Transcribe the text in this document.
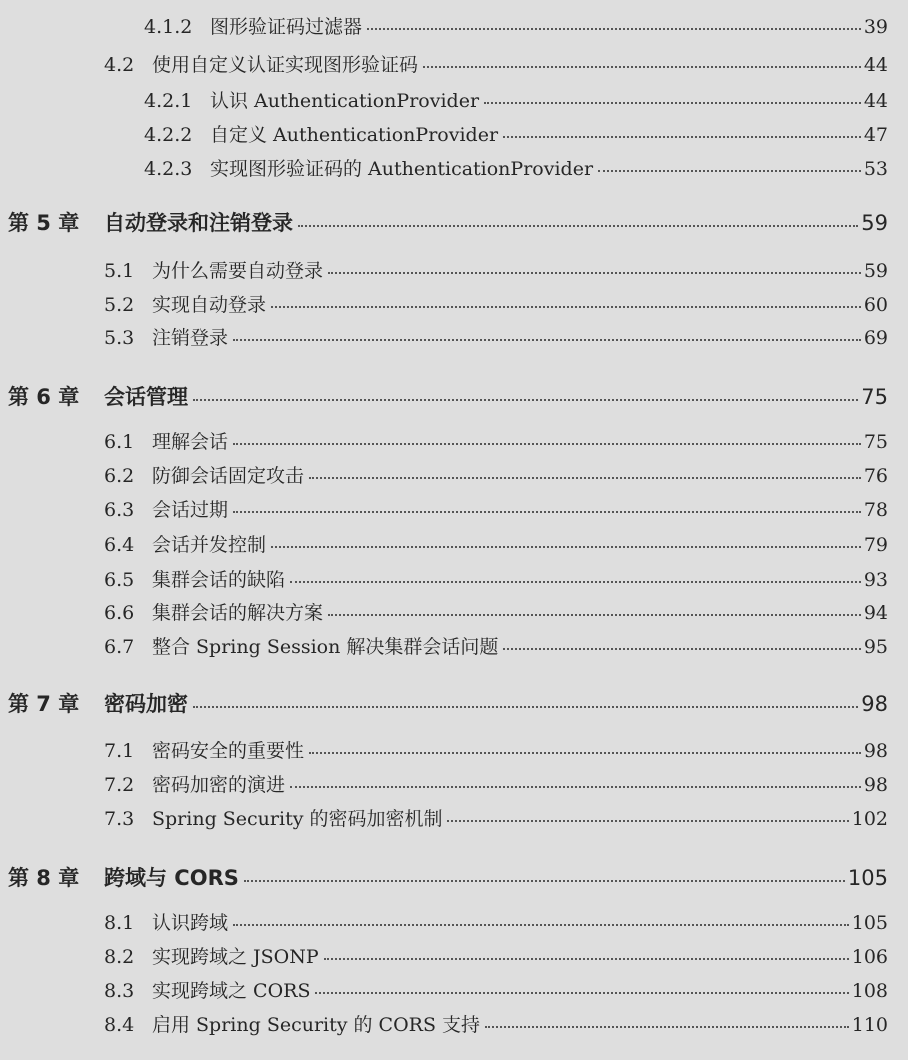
4.1.2 图形验证码过滤器	39
4.2 使用自定义认证实现图形验证码	44
4.2.1 认识 AuthenticationProvider	44
4.2.2 自定义 AuthenticationProvider	47
4.2.3 实现图形验证码的 AuthenticationProvider	53
第 5 章	自动登录和注销登录	59
5.1 为什么需要自动登录	59
5.2 实现自动登录	60
5.3 注销登录	69
第 6 章	会话管理	75
6.1 理解会话	75
6.2 防御会话固定攻击	76
6.3 会话过期	78
6.4 会话并发控制	79
6.5 集群会话的缺陷	93
6.6 集群会话的解决方案	94
6.7 整合 Spring Session 解决集群会话问题	95
第 7 章	密码加密	98
7.1 密码安全的重要性	98
7.2 密码加密的演进	98
7.3 Spring Security 的密码加密机制	102
第 8 章	跨域与 CORS	105
8.1 认识跨域	105
8.2 实现跨域之 JSONP	106
8.3 实现跨域之 CORS	108
8.4 启用 Spring Security 的 CORS 支持	110
